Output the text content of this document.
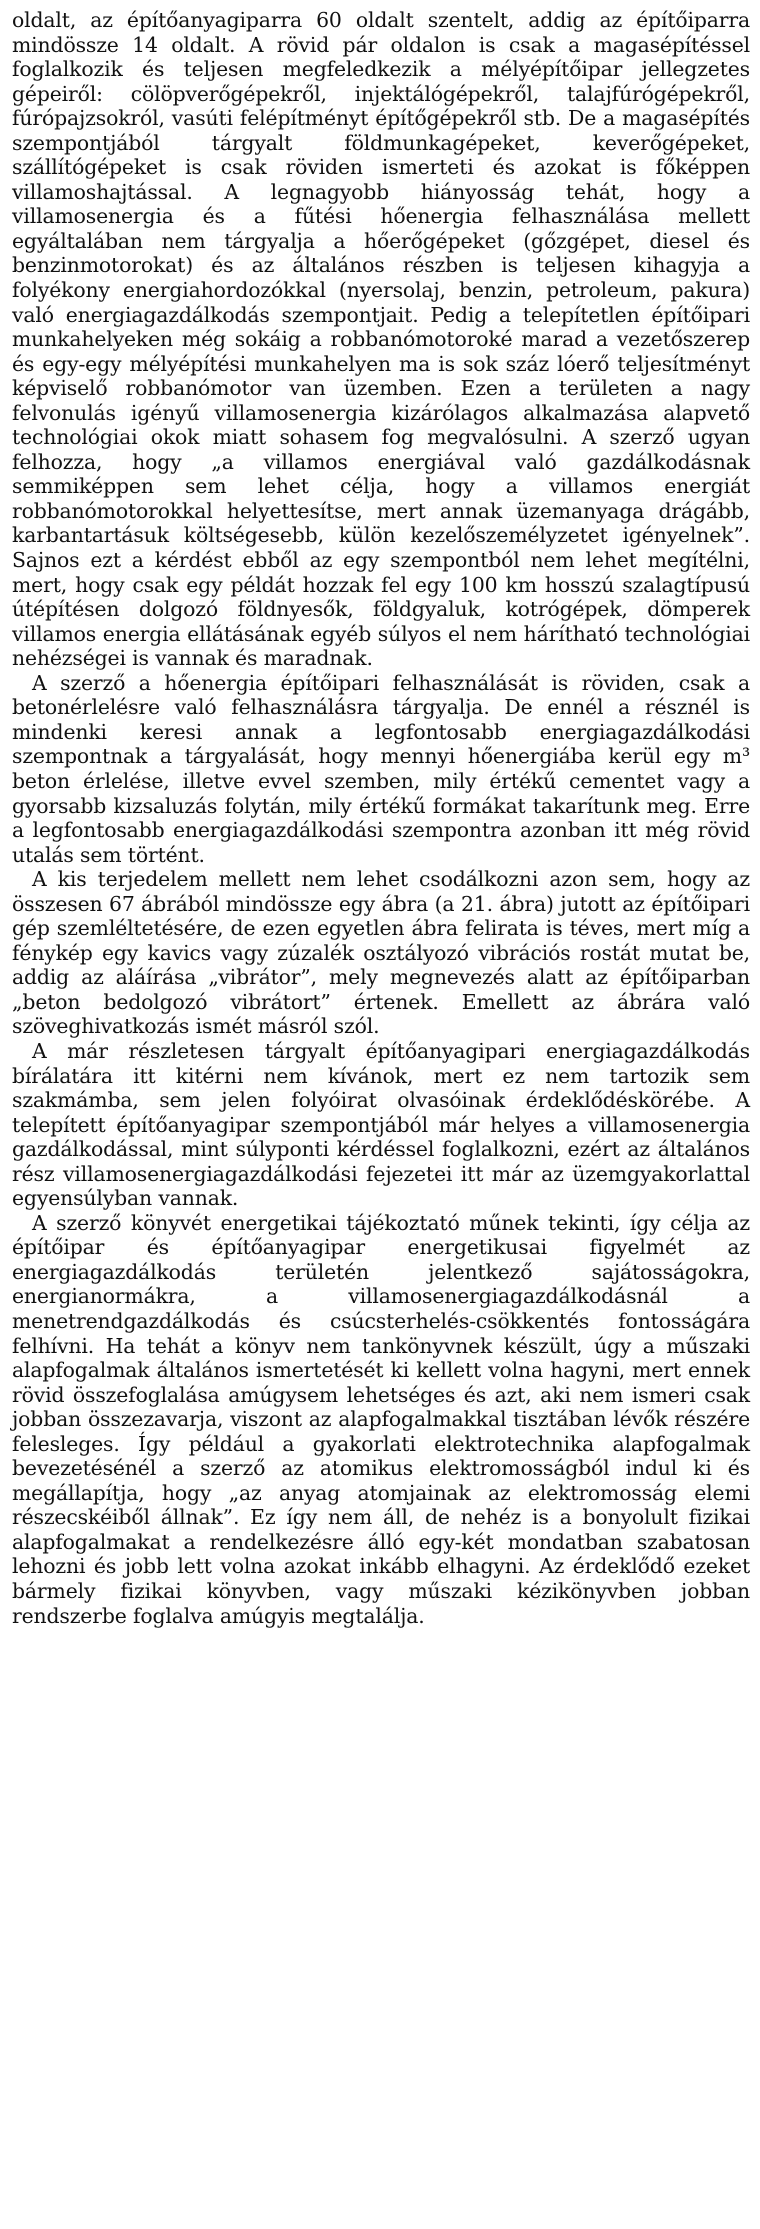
oldalt, az építőanyagiparra 60 oldalt szentelt, addig az építőiparra mindössze 14 oldalt. A rövid pár oldalon is csak a magasépítéssel foglalkozik és teljesen megfeledkezik a mélyépítőipar jellegzetes gépeiről: cölöpverőgépekről, injektálógépekről, talajfúrógépekről, fúrópajzsokról, vasúti felépítményt építőgépekről stb. De a magasépítés szempontjából tárgyalt földmunkagépeket, keverőgépeket, szállítógépeket is csak röviden ismerteti és azokat is főképpen villamoshajtással. A legnagyobb hiányosság tehát, hogy a villamosenergia és a fűtési hőenergia felhasználása mellett egyáltalában nem tárgyalja a hőerőgépeket (gőzgépet, diesel és benzinmotorokat) és az általános részben is teljesen kihagyja a folyékony energiahordozókkal (nyersolaj, benzin, petroleum, pakura) való energiagazdálkodás szempontjait. Pedig a telepítetlen építőipari munkahelyeken még sokáig a robbanómotoroké marad a vezetőszerep és egy-egy mélyépítési munkahelyen ma is sok száz lóerő teljesítményt képviselő robbanómotor van üzemben. Ezen a területen a nagy felvonulás igényű villamosenergia kizárólagos alkalmazása alapvető technológiai okok miatt sohasem fog megvalósulni. A szerző ugyan felhozza, hogy „a villamos energiával való gazdálkodásnak semmiképpen sem lehet célja, hogy a villamos energiát robbanómotorokkal helyettesítse, mert annak üzemanyaga drágább, karbantartásuk költségesebb, külön kezelőszemélyzetet igényelnek”. Sajnos ezt a kérdést ebből az egy szempontból nem lehet megítélni, mert, hogy csak egy példát hozzak fel egy 100 km hosszú szalagtípusú útépítésen dolgozó földnyesők, földgyaluk, kotrógépek, dömperek villamos energia ellátásának egyéb súlyos el nem hárítható technológiai nehézségei is vannak és maradnak.

A szerző a hőenergia építőipari felhasználását is röviden, csak a betonérlelésre való felhasználásra tárgyalja. De ennél a résznél is mindenki keresi annak a legfontosabb energiagazdálkodási szempontnak a tárgyalását, hogy mennyi hőenergiába kerül egy m³ beton érlelése, illetve evvel szemben, mily értékű cementet vagy a gyorsabb kizsaluzás folytán, mily értékű formákat takarítunk meg. Erre a legfontosabb energiagazdálkodási szempontra azonban itt még rövid utalás sem történt.

A kis terjedelem mellett nem lehet csodálkozni azon sem, hogy az összesen 67 ábrából mindössze egy ábra (a 21. ábra) jutott az építőipari gép szemléltetésére, de ezen egyetlen ábra felirata is téves, mert míg a fénykép egy kavics vagy zúzalék osztályozó vibrációs rostát mutat be, addig az aláírása „vibrátor”, mely megnevezés alatt az építőiparban „beton bedolgozó vibrátort” értenek. Emellett az ábrára való szöveghivatkozás ismét másról szól.

A már részletesen tárgyalt építőanyagipari energiagazdálkodás bírálatára itt kitérni nem kívánok, mert ez nem tartozik sem szakmámba, sem jelen folyóirat olvasóinak érdeklődéskörébe. A telepített építőanyagipar szempontjából már helyes a villamosenergia gazdálkodással, mint súlyponti kérdéssel foglalkozni, ezért az általános rész villamosenergiagazdálkodási fejezetei itt már az üzemgyakorlattal egyensúlyban vannak.

A szerző könyvét energetikai tájékoztató műnek tekinti, így célja az építőipar és építőanyagipar energetikusai figyelmét az energiagazdálkodás területén jelentkező sajátosságokra, energianormákra, a villamosenergiagazdálkodásnál a menetrendgazdálkodás és csúcsterhelés-csökkentés fontosságára felhívni. Ha tehát a könyv nem tankönyvnek készült, úgy a műszaki alapfogalmak általános ismertetését ki kellett volna hagyni, mert ennek rövid összefoglalása amúgysem lehetséges és azt, aki nem ismeri csak jobban összezavarja, viszont az alapfogalmakkal tisztában lévők részére felesleges. Így például a gyakorlati elektrotechnika alapfogalmak bevezetésénél a szerző az atomikus elektromosságból indul ki és megállapítja, hogy „az anyag atomjainak az elektromosság elemi részecskéiből állnak”. Ez így nem áll, de nehéz is a bonyolult fizikai alapfogalmakat a rendelkezésre álló egy-két mondatban szabatosan lehozni és jobb lett volna azokat inkább elhagyni. Az érdeklődő ezeket bármely fizikai könyvben, vagy műszaki kézikönyvben jobban rendszerbe foglalva amúgyis megtalálja.
